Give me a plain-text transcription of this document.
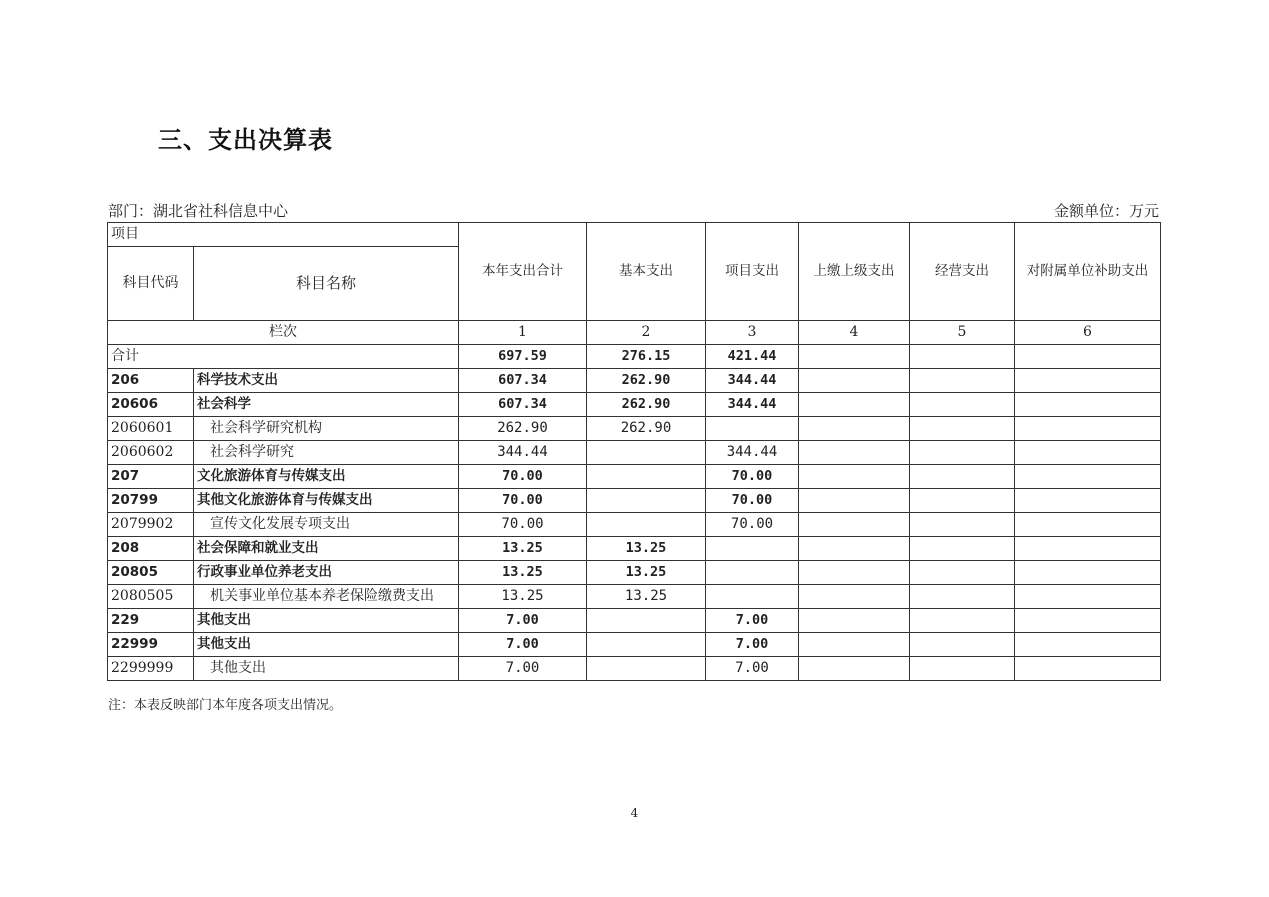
三、支出决算表
部门：湖北省社科信息中心	金额单位：万元
项目		本年支出合计	基本支出	项目支出	上缴上级支出	经营支出	对附属单位补助支出
科目代码	科目名称						
栏次		1	2	3	4	5	6
合计		697.59	276.15	421.44			
206	科学技术支出	607.34	262.90	344.44			
20606	社会科学	607.34	262.90	344.44			
2060601	社会科学研究机构	262.90	262.90				
2060602	社会科学研究	344.44		344.44			
207	文化旅游体育与传媒支出	70.00		70.00			
20799	其他文化旅游体育与传媒支出	70.00		70.00			
2079902	宣传文化发展专项支出	70.00		70.00			
208	社会保障和就业支出	13.25	13.25				
20805	行政事业单位养老支出	13.25	13.25				
2080505	机关事业单位基本养老保险缴费支出	13.25	13.25				
229	其他支出	7.00		7.00			
22999	其他支出	7.00		7.00			
2299999	其他支出	7.00		7.00			
注：本表反映部门本年度各项支出情况。
4
